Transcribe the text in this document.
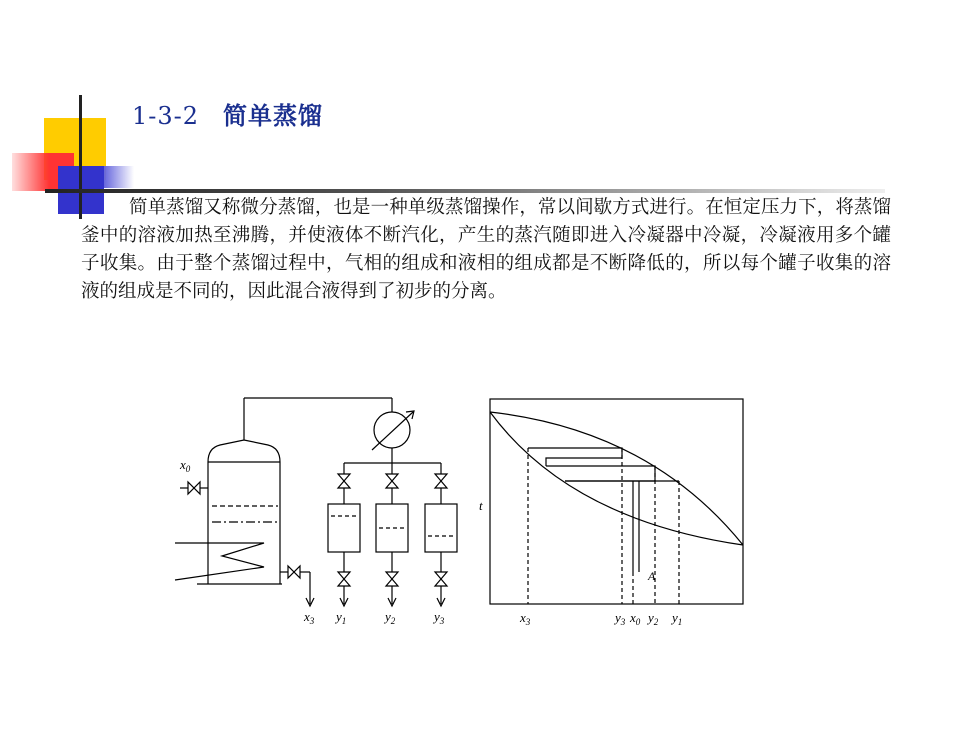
1-3-2 简单蒸馏

简单蒸馏又称微分蒸馏，也是一种单级蒸馏操作，常以间歇方式进行。在恒定压力下，将蒸馏釜中的溶液加热至沸腾，并使液体不断汽化，产生的蒸汽随即进入冷凝器中冷凝，冷凝液用多个罐子收集。由于整个蒸馏过程中，气相的组成和液相的组成都是不断降低的，所以每个罐子收集的溶液的组成是不同的，因此混合液得到了初步的分离。

$x_0$
$x_3$ $y_1$	$y_2$	$y_3$
t
A
$x_3$	$y_3$ $x_0$ $y_2$ $y_1$
